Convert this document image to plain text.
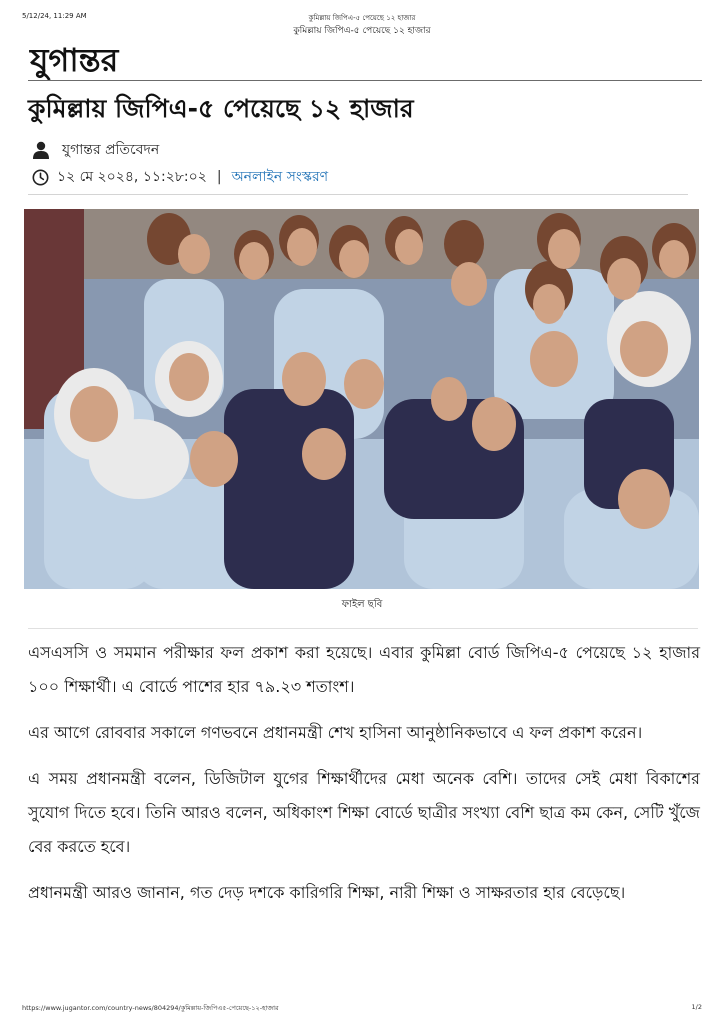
5/12/24, 11:29 AM	কুমিল্লায় জিপিএ-৫ পেয়েছে ১২ হাজার
কুমিল্লায় জিপিএ-৫ পেয়েছে ১২ হাজার
যুগান্তর
কুমিল্লায় জিপিএ-৫ পেয়েছে ১২ হাজার
যুগান্তর প্রতিবেদন
১২ মে ২০২৪, ১১:২৮:০২ | অনলাইন সংস্করণ
ফাইল ছবি

এসএসসি ও সমমান পরীক্ষার ফল প্রকাশ করা হয়েছে। এবার কুমিল্লা বোর্ড জিপিএ-৫ পেয়েছে ১২ হাজার ১০০ শিক্ষার্থী। এ বোর্ডে পাশের হার ৭৯.২৩ শতাংশ।

এর আগে রোববার সকালে গণভবনে প্রধানমন্ত্রী শেখ হাসিনা আনুষ্ঠানিকভাবে এ ফল প্রকাশ করেন।

এ সময় প্রধানমন্ত্রী বলেন, ডিজিটাল যুগের শিক্ষার্থীদের মেধা অনেক বেশি। তাদের সেই মেধা বিকাশের সুযোগ দিতে হবে। তিনি আরও বলেন, অধিকাংশ শিক্ষা বোর্ডে ছাত্রীর সংখ্যা বেশি ছাত্র কম কেন, সেটি খুঁজে বের করতে হবে।

প্রধানমন্ত্রী আরও জানান, গত দেড় দশকে কারিগরি শিক্ষা, নারী শিক্ষা ও সাক্ষরতার হার বেড়েছে।

https://www.jugantor.com/country-news/804294/কুমিল্লায়-জিপিএ৫-পেয়েছে-১২-হাজার	1/2
